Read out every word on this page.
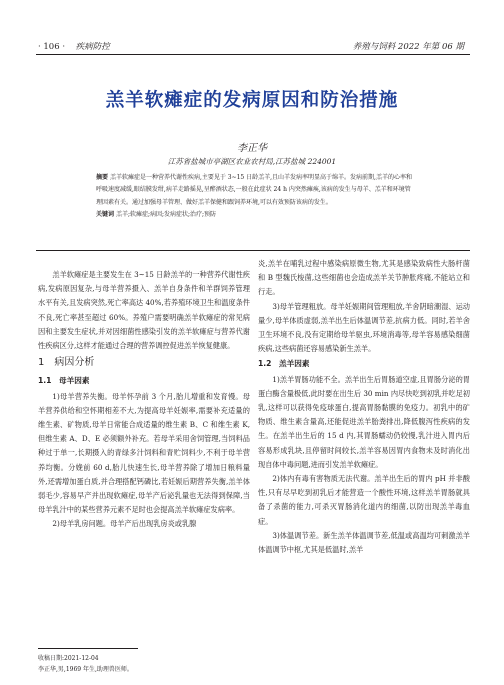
· 106 · 疾病防控	养殖与饲料 2022 年第 06 期
羔羊软瘫症的发病原因和防治措施
李正华
江苏省盐城市亭湖区农业农村局,江苏盐城 224001
摘要 羔羊软瘫症是一种营养代谢性疾病,主要见于 3~15 日龄羔羊,且山羊发病率明显高于绵羊。发病前期,羔羊的心率和呼吸速度减缓,眼结膜发绀,病羊走路摇晃,呈醉酒状态,一般在此症状 24 h 内突然瘫痪,该病的发生与母羊、羔羊和环境管理因素有关。通过加强母羊管理、做好羔羊保健和跟饲养环境,可以有效预防该病的发生。
关键词 羔羊;软瘫症;病因;发病症状;治疗;预防

羔羊软瘫症是主要发生在 3~15 日龄羔羊的一种营养代谢性疾病,发病原因复杂,与母羊营养摄入、羔羊自身条件和羊群饲养管理水平有关,且发病突然,死亡率高达 40%,若养殖环境卫生和温度条件不良,死亡率甚至超过 60%。养殖户需要明确羔羊软瘫症的常见病因和主要发生症状,并对因细菌性感染引发的羔羊软瘫症与营养代谢性疾病区分,这样才能通过合理的营养调控促进羔羊恢复健康。

1　病因分析
1.1　母羊因素

1)母羊营养失衡。母羊怀孕前 3 个月,胎儿增重和发育慢。母羊营养供给和空怀期相差不大,为提高母羊妊娠率,需要补充适量的维生素、矿物质,母羊日常能合成适量的维生素 B、C 和维生素 K,但维生素 A、D、E 必须额外补充。若母羊采用舍饲管理,当饲料品种过于单一,长期摄入的青绿多汁饲料和青贮饲料少,不利于母羊营养均衡。分娩前 60 d,胎儿快速生长,母羊营养除了增加日粮料量外,还需增加蛋白质,并合理搭配钙磷比,若妊娠后期营养失衡,羔羊体弱毛少,容易早产并出现软瘫症,母羊产后泌乳量也无法得到保障,当母羊乳汁中的某些营养元素不足时也会提高羔羊软瘫症发病率。

2)母羊乳房问题。母羊产后出现乳房炎或乳腺

炎,羔羊在哺乳过程中感染病原微生物,尤其是感染致病性大肠杆菌和 B 型魏氏梭菌,这些细菌也会造成羔羊关节肿胀疼痛,不能站立和行走。

3)母羊管理粗放。母羊妊娠期间管理粗放,羊舍阴暗潮湿、运动量少,母羊体质虚弱,羔羊出生后体温调节差,抗病力低。同时,若羊舍卫生环境不良,没有定期给母羊驱虫,环境消毒等,母羊容易感染细菌疾病,这些病菌还容易感染新生羔羊。

1.2　羔羊因素

1)羔羊胃肠功能不全。羔羊出生后胃肠道空虚,且胃肠分泌的胃蛋白酶含量极低,此时要在出生后 30 min 内尽快吃到初乳并吃足初乳,这样可以获得免疫球蛋白,提高胃肠黏膜的免疫力。初乳中的矿物质、维生素含量高,还能促进羔羊胎粪排出,降低腹泻性疾病的发生。在羔羊出生后的 15 d 内,其胃肠蠕动仍较慢,乳汁进入胃内后容易形成乳块,且停留时间较长,羔羊容易因胃内食物未及时消化出现自体中毒问题,进而引发羔羊软瘫症。

2)体内有毒有害物质无法代谢。羔羊出生后的胃内 pH 并非酸性,只有尽早吃到初乳后才能营造一个酸性环境,这样羔羊胃肠就具备了杀菌的能力,可杀灭胃肠消化道内的细菌,以防出现羔羊毒血症。

3)体温调节差。新生羔羊体温调节差,低温或高温均可刺激羔羊体温调节中枢,尤其是低温时,羔羊

收稿日期:2021-12-04
李正华,男,1969 年生,助理兽医师。
